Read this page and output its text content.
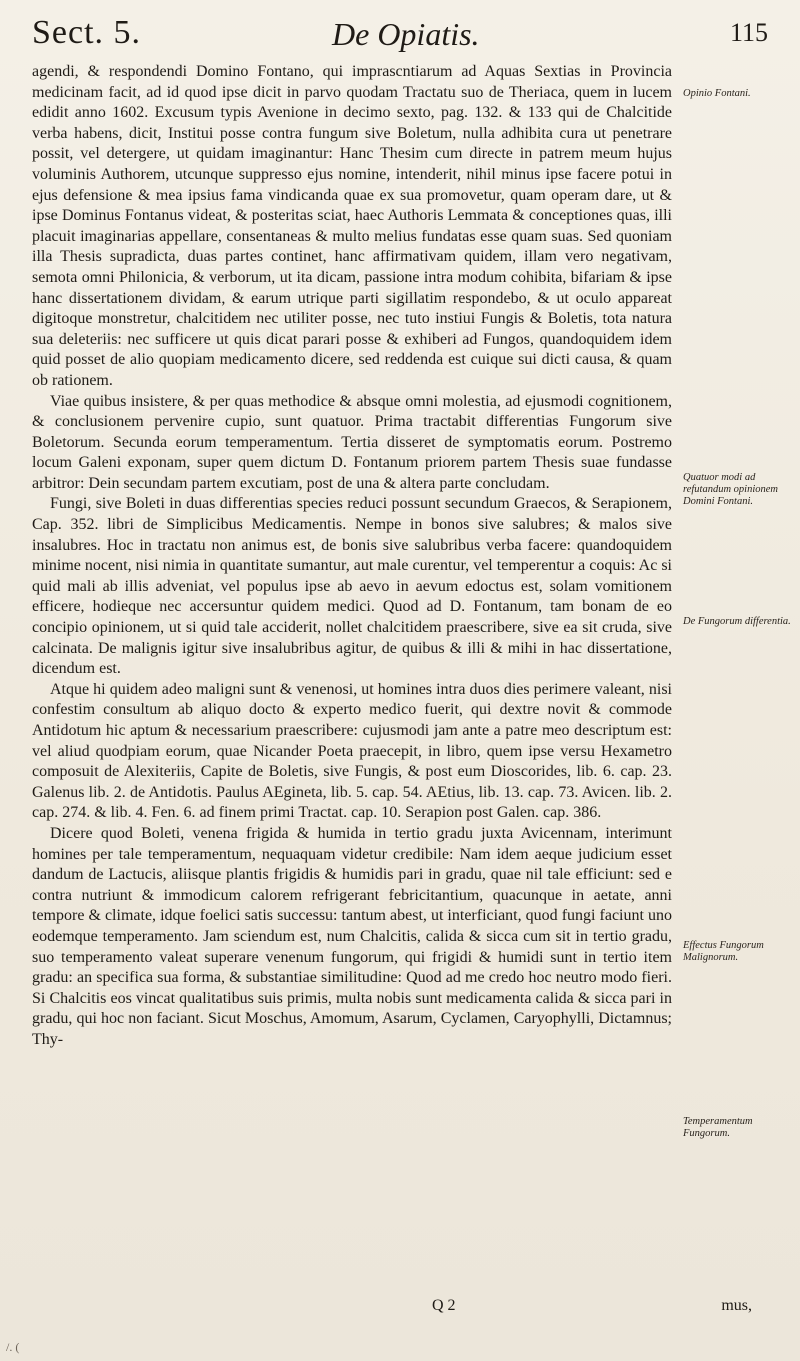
Sect. 5.	De Opiatis.	115

agendi, & respondendi Domino Fontano, qui imprascntiarum ad Aquas Sextias in Provincia medicinam facit, ad id quod ipse dicit in parvo quodam Tractatu suo de Theriaca, quem in lucem edidit anno 1602. Excusum typis Avenione in decimo sexto, pag. 132. & 133 qui de Chalcitide verba habens, dicit, Institui posse contra fungum sive Boletum, nulla adhibita cura ut penetrare possit, vel detergere, ut quidam imaginantur: Hanc Thesim cum directe in patrem meum hujus voluminis Authorem, utcunque suppresso ejus nomine, intenderit, nihil minus ipse facere potui in ejus defensione & mea ipsius fama vindicanda quae ex sua promovetur, quam operam dare, ut & ipse Dominus Fontanus videat, & posteritas sciat, haec Authoris Lemmata & conceptiones quas, illi placuit imaginarias appellare, consentaneas & multo melius fundatas esse quam suas. Sed quoniam illa Thesis supradicta, duas partes continet, hanc affirmativam quidem, illam vero negativam, semota omni Philonicia, & verborum, ut ita dicam, passione intra modum cohibita, bifariam & ipse hanc dissertationem dividam, & earum utrique parti sigillatim respondebo, & ut oculo appareat digitoque monstretur, chalcitidem nec utiliter posse, nec tuto instiui Fungis & Boletis, tota natura sua deleteriis: nec sufficere ut quis dicat parari posse & exhiberi ad Fungos, quandoquidem idem quid posset de alio quopiam medicamento dicere, sed reddenda est cuique sui dicti causa, & quam ob rationem.

Viae quibus insistere, & per quas methodice & absque omni molestia, ad ejusmodi cognitionem, & conclusionem pervenire cupio, sunt quatuor. Prima tractabit differentias Fungorum sive Boletorum. Secunda eorum temperamentum. Tertia disseret de symptomatis eorum. Postremo locum Galeni exponam, super quem dictum D. Fontanum priorem partem Thesis suae fundasse arbitror: Dein secundam partem excutiam, post de una & altera parte concludam.

Fungi, sive Boleti in duas differentias species reduci possunt secundum Graecos, & Serapionem, Cap. 352. libri de Simplicibus Medicamentis. Nempe in bonos sive salubres; & malos sive insalubres. Hoc in tractatu non animus est, de bonis sive salubribus verba facere: quandoquidem minime nocent, nisi nimia in quantitate sumantur, aut male curentur, vel temperentur a coquis: Ac si quid mali ab illis adveniat, vel populus ipse ab aevo in aevum edoctus est, solam vomitionem efficere, hodieque nec accersuntur quidem medici. Quod ad D. Fontanum, tam bonam de eo concipio opinionem, ut si quid tale acciderit, nollet chalcitidem praescribere, sive ea sit cruda, sive calcinata. De malignis igitur sive insalubribus agitur, de quibus & illi & mihi in hac dissertatione, dicendum est.

Atque hi quidem adeo maligni sunt & venenosi, ut homines intra duos dies perimere valeant, nisi confestim consultum ab aliquo docto & experto medico fuerit, qui dextre novit & commode Antidotum hic aptum & necessarium praescribere: cujusmodi jam ante a patre meo descriptum est: vel aliud quodpiam eorum, quae Nicander Poeta praecepit, in libro, quem ipse versu Hexametro composuit de Alexiteriis, Capite de Boletis, sive Fungis, & post eum Dioscorides, lib. 6. cap. 23. Galenus lib. 2. de Antidotis. Paulus AEgineta, lib. 5. cap. 54. AEtius, lib. 13. cap. 73. Avicen. lib. 2. cap. 274. & lib. 4. Fen. 6. ad finem primi Tractat. cap. 10. Serapion post Galen. cap. 386.

Dicere quod Boleti, venena frigida & humida in tertio gradu juxta Avicennam, interimunt homines per tale temperamentum, nequaquam videtur credibile: Nam idem aeque judicium esset dandum de Lactucis, aliisque plantis frigidis & humidis pari in gradu, quae nil tale efficiunt: sed e contra nutriunt & immodicum calorem refrigerant febricitantium, quacunque in aetate, anni tempore & climate, idque foelici satis successu: tantum abest, ut interficiant, quod fungi faciunt uno eodemque temperamento. Jam sciendum est, num Chalcitis, calida & sicca cum sit in tertio gradu, suo temperamento valeat superare venenum fungorum, qui frigidi & humidi sunt in tertio item gradu: an specifica sua forma, & substantiae similitudine: Quod ad me credo hoc neutro modo fieri. Si Chalcitis eos vincat qualitatibus suis primis, multa nobis sunt medicamenta calida & sicca pari in gradu, qui hoc non faciant. Sicut Moschus, Amomum, Asarum, Cyclamen, Caryophylli, Dictamnus; Thy-

Opinio Fontani.
Quatuor modi ad refutandum opinionem Domini Fontani.
De Fungorum differentia.
Effectus Fungorum Malignorum.
Temperamentum Fungorum.
Q 2	mus,
/. (
